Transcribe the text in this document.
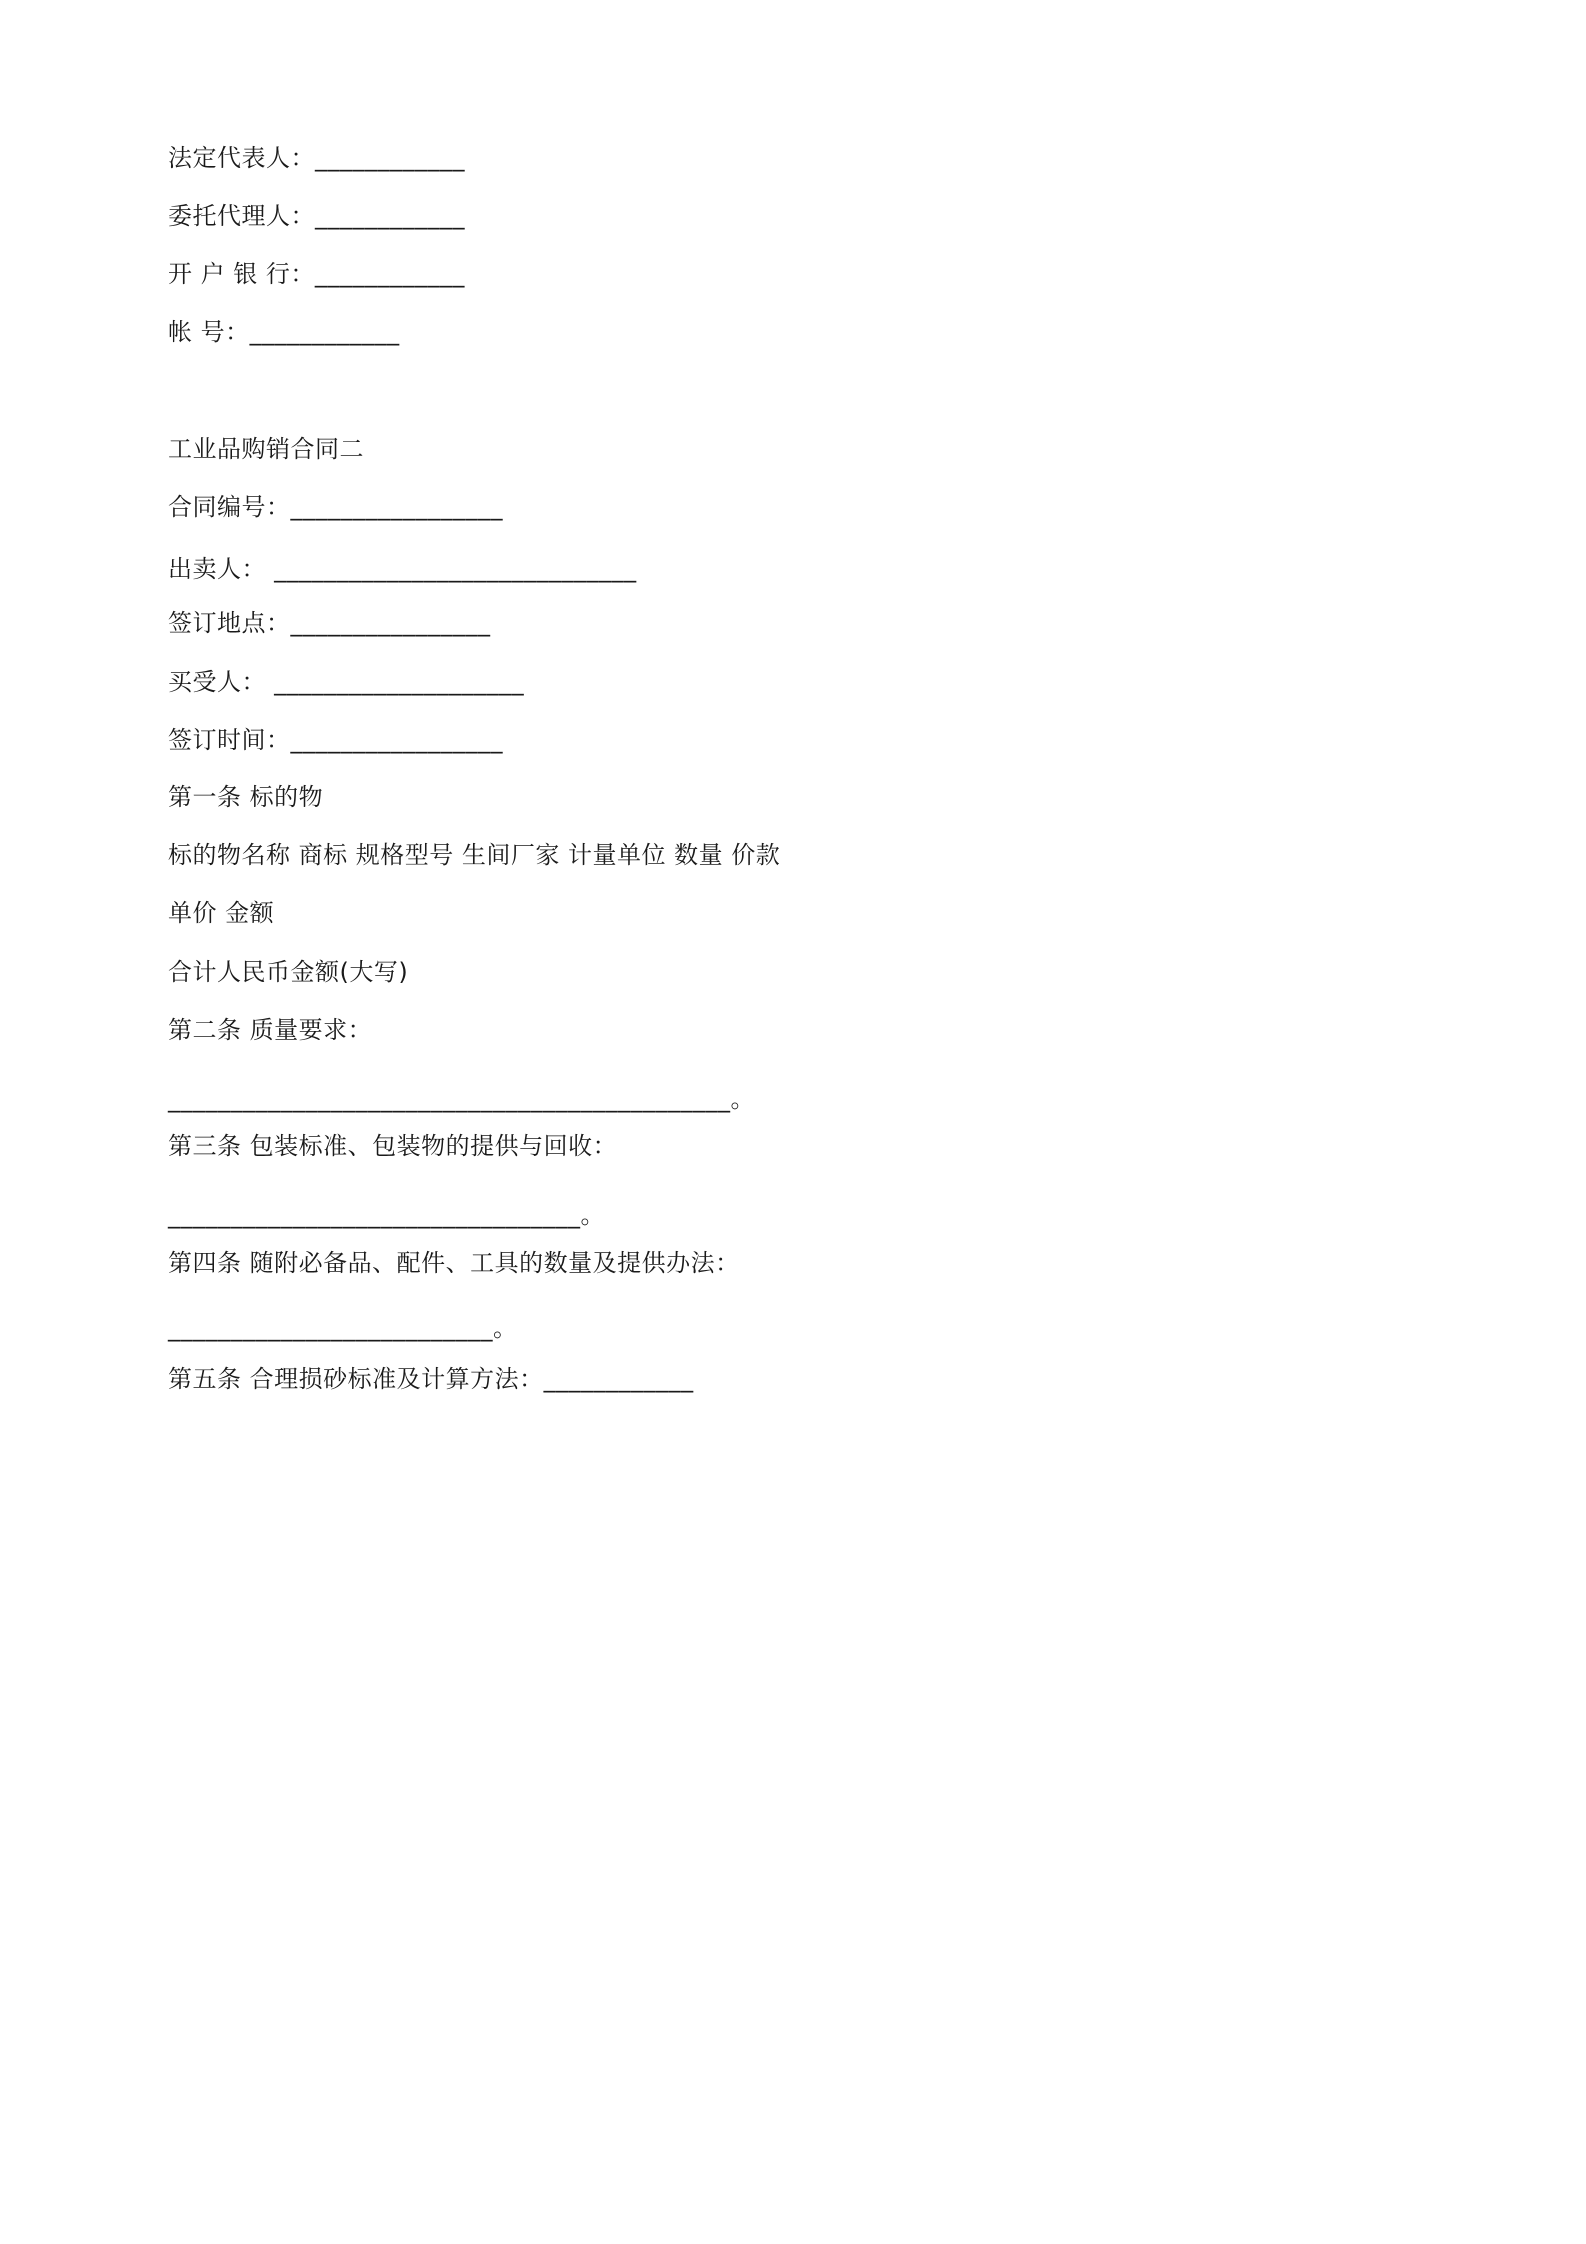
法定代表人：____________
委托代理人：____________
开 户 银 行：____________
帐 号：____________
工业品购销合同二
合同编号：_________________
出卖人： _____________________________
签订地点：________________
买受人： ____________________
签订时间：_________________
第一条 标的物
标的物名称 商标 规格型号 生间厂家 计量单位 数量 价款
单价 金额
合计人民币金额(大写)
第二条 质量要求：
_____________________________________________。
第三条 包装标准、包装物的提供与回收：
_________________________________。
第四条 随附必备品、配件、工具的数量及提供办法：
__________________________。
第五条 合理损砂标准及计算方法：____________
